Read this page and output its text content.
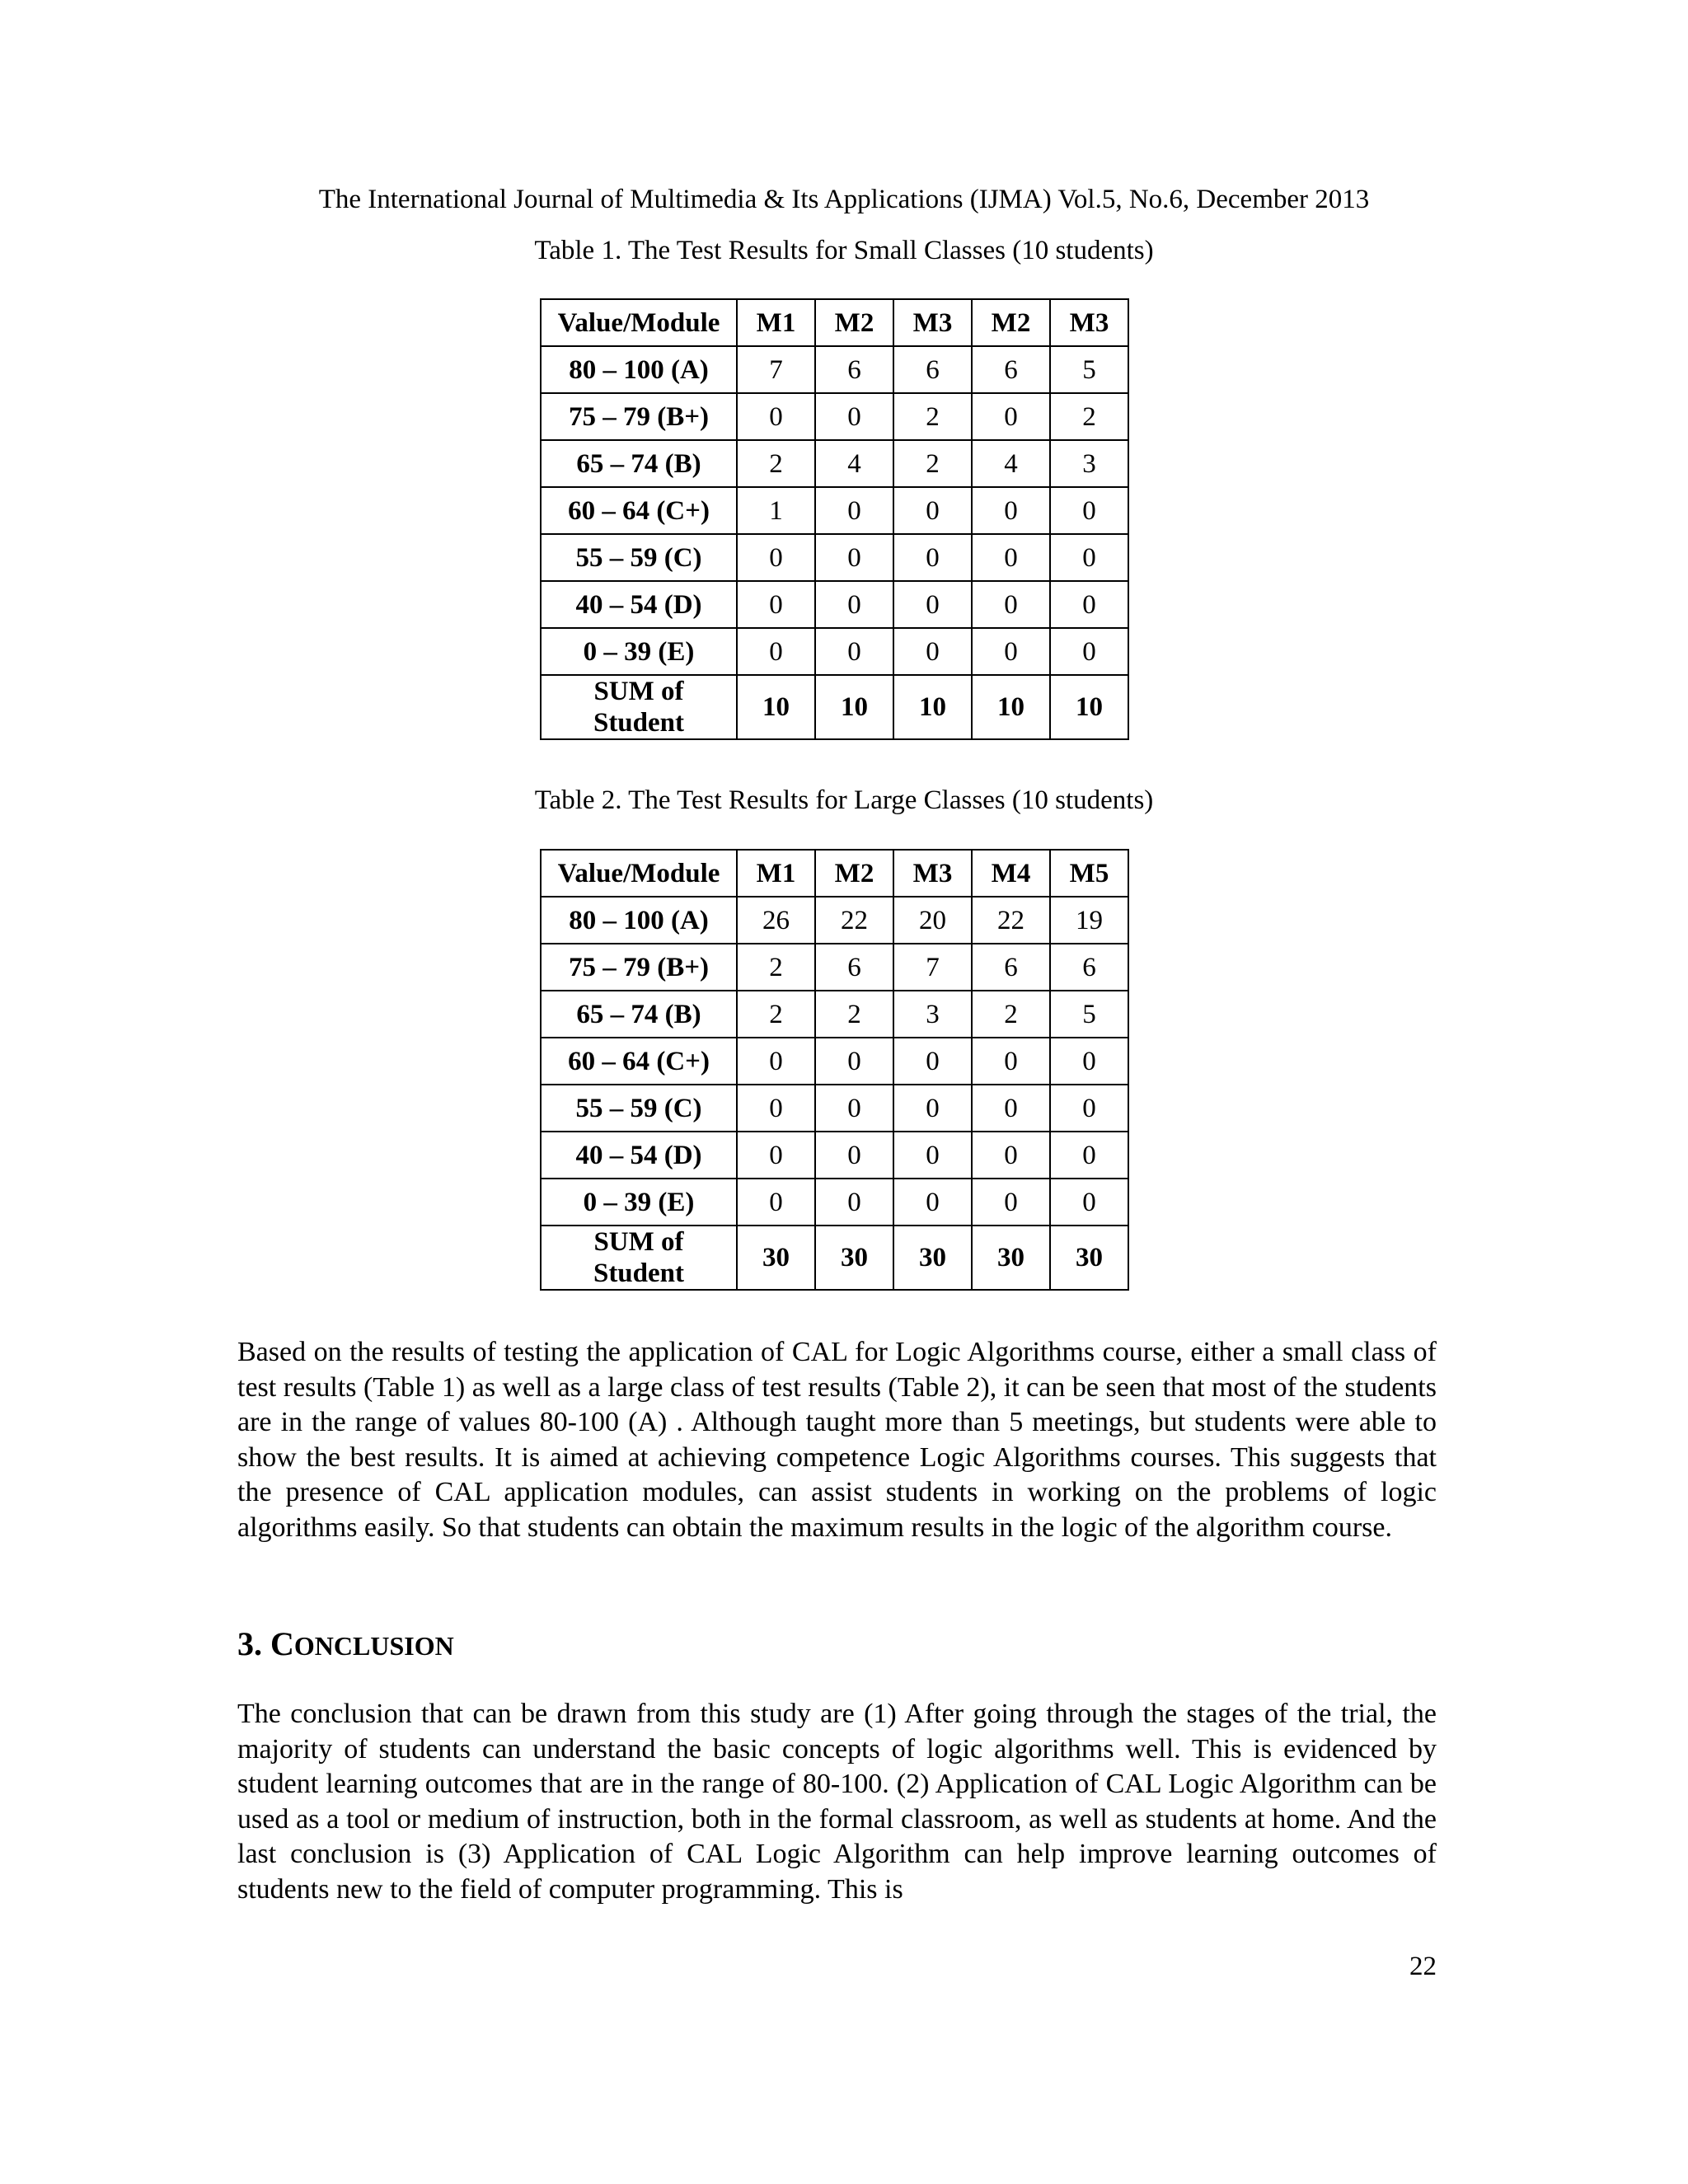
The International Journal of Multimedia & Its Applications (IJMA) Vol.5, No.6, December 2013
Table 1. The Test Results for Small Classes (10 students)
Value/Module	M1	M2	M3	M2	M3
80 – 100 (A)	7	6	6	6	5
75 – 79 (B+)	0	0	2	0	2
65 – 74 (B)	2	4	2	4	3
60 – 64 (C+)	1	0	0	0	0
55 – 59 (C)	0	0	0	0	0
40 – 54 (D)	0	0	0	0	0
0 – 39 (E)	0	0	0	0	0
SUM of
Student	10	10	10	10	10
Table 2. The Test Results for Large Classes (10 students)
Value/Module	M1	M2	M3	M4	M5
80 – 100 (A)	26	22	20	22	19
75 – 79 (B+)	2	6	7	6	6
65 – 74 (B)	2	2	3	2	5
60 – 64 (C+)	0	0	0	0	0
55 – 59 (C)	0	0	0	0	0
40 – 54 (D)	0	0	0	0	0
0 – 39 (E)	0	0	0	0	0
SUM of
Student	30	30	30	30	30
Based on the results of testing the application of CAL for Logic Algorithms course, either a small class of test results (Table 1) as well as a large class of test results (Table 2), it can be seen that most of the students are in the range of values 80-100 (A) . Although taught more than 5 meetings, but students were able to show the best results. It is aimed at achieving competence Logic Algorithms courses. This suggests that the presence of CAL application modules, can assist students in working on the problems of logic algorithms easily. So that students can obtain the maximum results in the logic of the algorithm course.
3. CONCLUSION
The conclusion that can be drawn from this study are (1) After going through the stages of the trial, the majority of students can understand the basic concepts of logic algorithms well. This is evidenced by student learning outcomes that are in the range of 80-100. (2) Application of CAL Logic Algorithm can be used as a tool or medium of instruction, both in the formal classroom, as well as students at home. And the last conclusion is (3) Application of CAL Logic Algorithm can help improve learning outcomes of students new to the field of computer programming. This is
22
